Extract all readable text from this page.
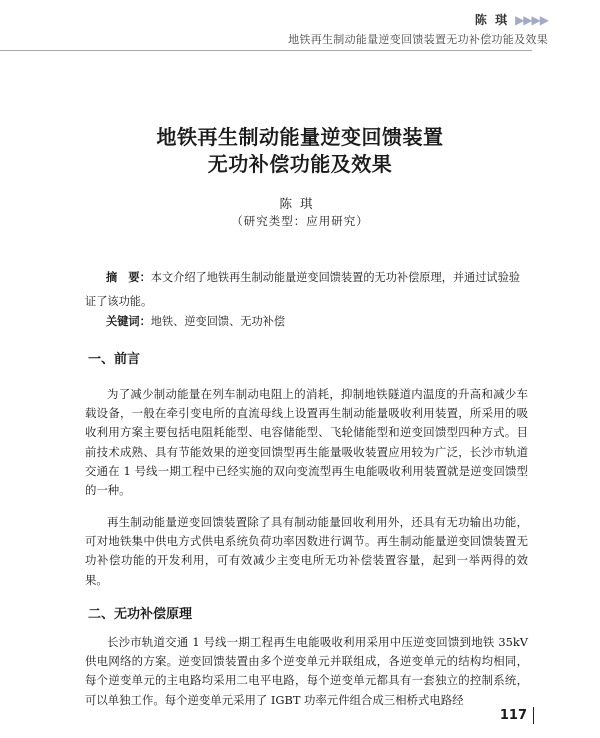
陈 琪 ▶▶▶▶
地铁再生制动能量逆变回馈装置无功补偿功能及效果
地铁再生制动能量逆变回馈装置
无功补偿功能及效果
陈琪
（研究类型：应用研究）
摘　要：本文介绍了地铁再生制动能量逆变回馈装置的无功补偿原理，并通过试验验证了该功能。
关键词：地铁、逆变回馈、无功补偿
一、前言
为了减少制动能量在列车制动电阻上的消耗，抑制地铁隧道内温度的升高和减少车载设备，一般在牵引变电所的直流母线上设置再生制动能量吸收利用装置，所采用的吸收利用方案主要包括电阻耗能型、电容储能型、飞轮储能型和逆变回馈型四种方式。目前技术成熟、具有节能效果的逆变回馈型再生能量吸收装置应用较为广泛，长沙市轨道交通在 1 号线一期工程中已经实施的双向变流型再生电能吸收利用装置就是逆变回馈型的一种。
再生制动能量逆变回馈装置除了具有制动能量回收利用外，还具有无功输出功能，可对地铁集中供电方式供电系统负荷功率因数进行调节。再生制动能量逆变回馈装置无功补偿功能的开发利用，可有效减少主变电所无功补偿装置容量，起到一举两得的效果。
二、无功补偿原理
长沙市轨道交通 1 号线一期工程再生电能吸收利用采用中压逆变回馈到地铁 35kV 供电网络的方案。逆变回馈装置由多个逆变单元并联组成，各逆变单元的结构均相同，每个逆变单元的主电路均采用二电平电路，每个逆变单元都具有一套独立的控制系统，可以单独工作。每个逆变单元采用了 IGBT 功率元件组合成三相桥式电路经
117
